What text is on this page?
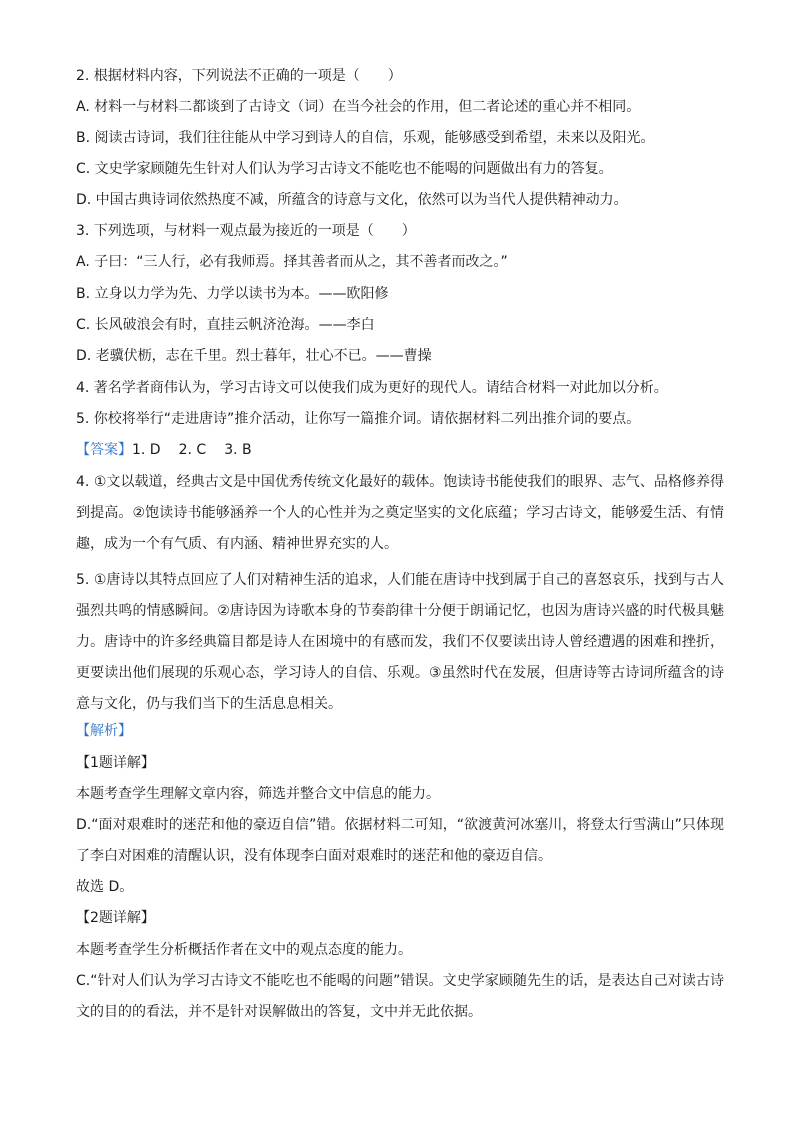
2. 根据材料内容，下列说法不正确的一项是（　　）
A. 材料一与材料二都谈到了古诗文（词）在当今社会的作用，但二者论述的重心并不相同。
B. 阅读古诗词，我们往往能从中学习到诗人的自信，乐观，能够感受到希望，未来以及阳光。
C. 文史学家顾随先生针对人们认为学习古诗文不能吃也不能喝的问题做出有力的答复。
D. 中国古典诗词依然热度不减，所蕴含的诗意与文化，依然可以为当代人提供精神动力。
3. 下列选项，与材料一观点最为接近的一项是（　　）
A. 子曰：“三人行，必有我师焉。择其善者而从之，其不善者而改之。”
B. 立身以力学为先、力学以读书为本。——欧阳修
C. 长风破浪会有时，直挂云帆济沧海。——李白
D. 老骥伏枥，志在千里。烈士暮年，壮心不已。——曹操
4. 著名学者商伟认为，学习古诗文可以使我们成为更好的现代人。请结合材料一对此加以分析。
5. 你校将举行“走进唐诗”推介活动，让你写一篇推介词。请依据材料二列出推介词的要点。
【答案】1. D 2. C 3. B
4. ①文以载道，经典古文是中国优秀传统文化最好的载体。饱读诗书能使我们的眼界、志气、品格修养得到提高。②饱读诗书能够涵养一个人的心性并为之奠定坚实的文化底蕴；学习古诗文，能够爱生活、有情趣，成为一个有气质、有内涵、精神世界充实的人。
5. ①唐诗以其特点回应了人们对精神生活的追求，人们能在唐诗中找到属于自己的喜怒哀乐，找到与古人强烈共鸣的情感瞬间。②唐诗因为诗歌本身的节奏韵律十分便于朗诵记忆，也因为唐诗兴盛的时代极具魅力。唐诗中的许多经典篇目都是诗人在困境中的有感而发，我们不仅要读出诗人曾经遭遇的困难和挫折，更要读出他们展现的乐观心态，学习诗人的自信、乐观。③虽然时代在发展，但唐诗等古诗词所蕴含的诗意与文化，仍与我们当下的生活息息相关。
【解析】
【1题详解】
本题考查学生理解文章内容，筛选并整合文中信息的能力。
D.“面对艰难时的迷茫和他的豪迈自信”错。依据材料二可知，“欲渡黄河冰塞川，将登太行雪满山”只体现了李白对困难的清醒认识，没有体现李白面对艰难时的迷茫和他的豪迈自信。
故选 D。
【2题详解】
本题考查学生分析概括作者在文中的观点态度的能力。
C.“针对人们认为学习古诗文不能吃也不能喝的问题”错误。文史学家顾随先生的话，是表达自己对读古诗文的目的的看法，并不是针对误解做出的答复，文中并无此依据。
